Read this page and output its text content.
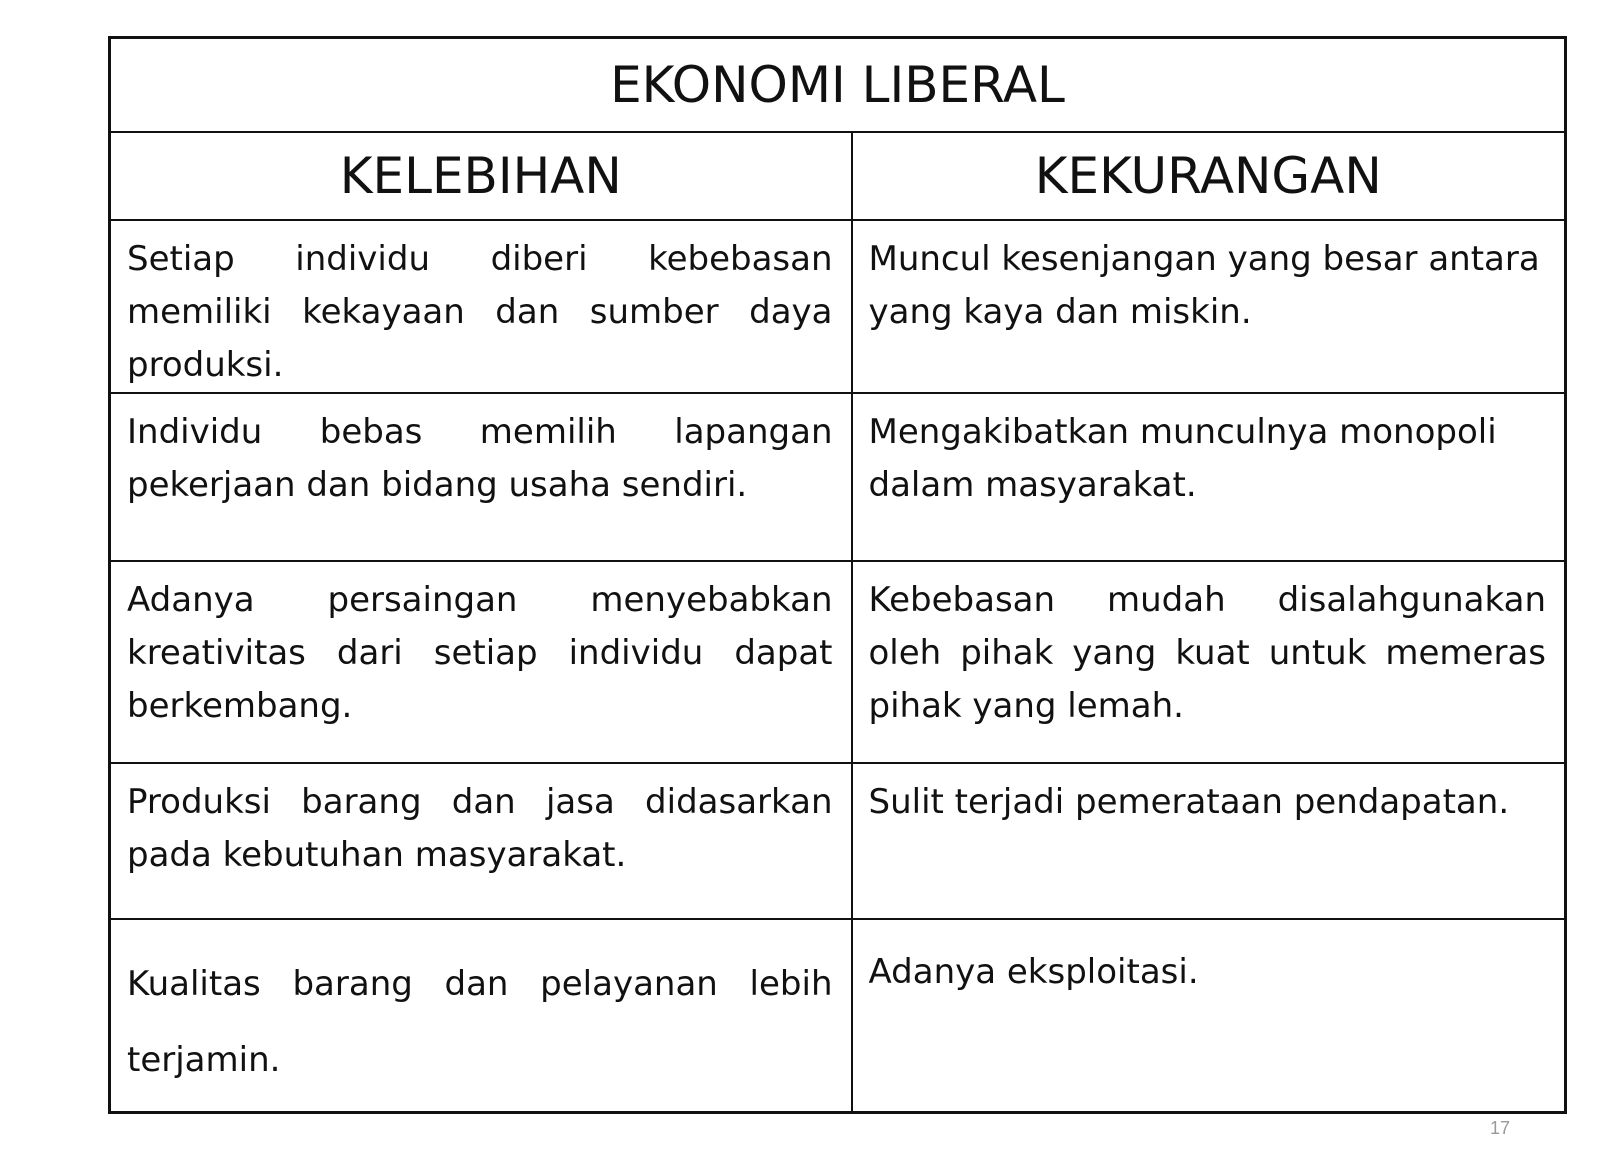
EKONOMI LIBERAL	
KELEBIHAN	KEKURANGAN
Setiap individu diberi kebebasan memiliki kekayaan dan sumber daya produksi.	Muncul kesenjangan yang besar antara yang kaya dan miskin.
Individu bebas memilih lapangan pekerjaan dan bidang usaha sendiri.	Mengakibatkan munculnya monopoli dalam masyarakat.
Adanya persaingan menyebabkan kreativitas dari setiap individu dapat berkembang.	Kebebasan mudah disalahgunakan oleh pihak yang kuat untuk memeras pihak yang lemah.
Produksi barang dan jasa didasarkan pada kebutuhan masyarakat.	Sulit terjadi pemerataan pendapatan.
Kualitas barang dan pelayanan lebih terjamin.	Adanya eksploitasi.
17
